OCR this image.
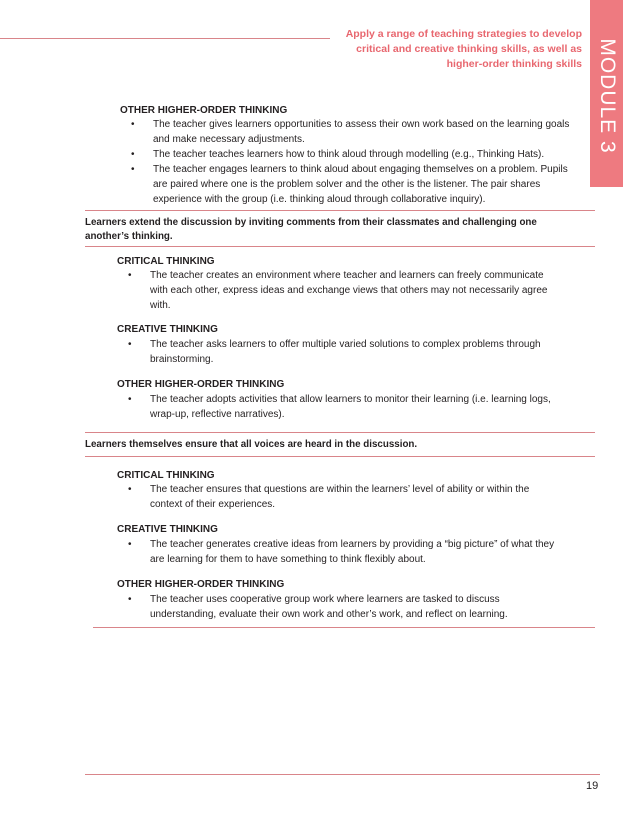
Apply a range of teaching strategies to develop
critical and creative thinking skills, as well as
higher-order thinking skills MODULE 3
OTHER HIGHER-ORDER THINKING
• The teacher gives learners opportunities to assess their own work based on the learning goals and make necessary adjustments.
• The teacher teaches learners how to think aloud through modelling (e.g., Thinking Hats).
• The teacher engages learners to think aloud about engaging themselves on a problem. Pupils are paired where one is the problem solver and the other is the listener. The pair shares experience with the group (i.e. thinking aloud through collaborative inquiry).
Learners extend the discussion by inviting comments from their classmates and challenging one another’s thinking.
CRITICAL THINKING
• The teacher creates an environment where teacher and learners can freely communicate with each other, express ideas and exchange views that others may not necessarily agree with.
CREATIVE THINKING
• The teacher asks learners to offer multiple varied solutions to complex problems through brainstorming.
OTHER HIGHER-ORDER THINKING
• The teacher adopts activities that allow learners to monitor their learning (i.e. learning logs, wrap-up, reflective narratives).
Learners themselves ensure that all voices are heard in the discussion.
CRITICAL THINKING
• The teacher ensures that questions are within the learners’ level of ability or within the context of their experiences.
CREATIVE THINKING
• The teacher generates creative ideas from learners by providing a “big picture” of what they are learning for them to have something to think flexibly about.
OTHER HIGHER-ORDER THINKING
• The teacher uses cooperative group work where learners are tasked to discuss understanding, evaluate their own work and other’s work, and reflect on learning.
19
